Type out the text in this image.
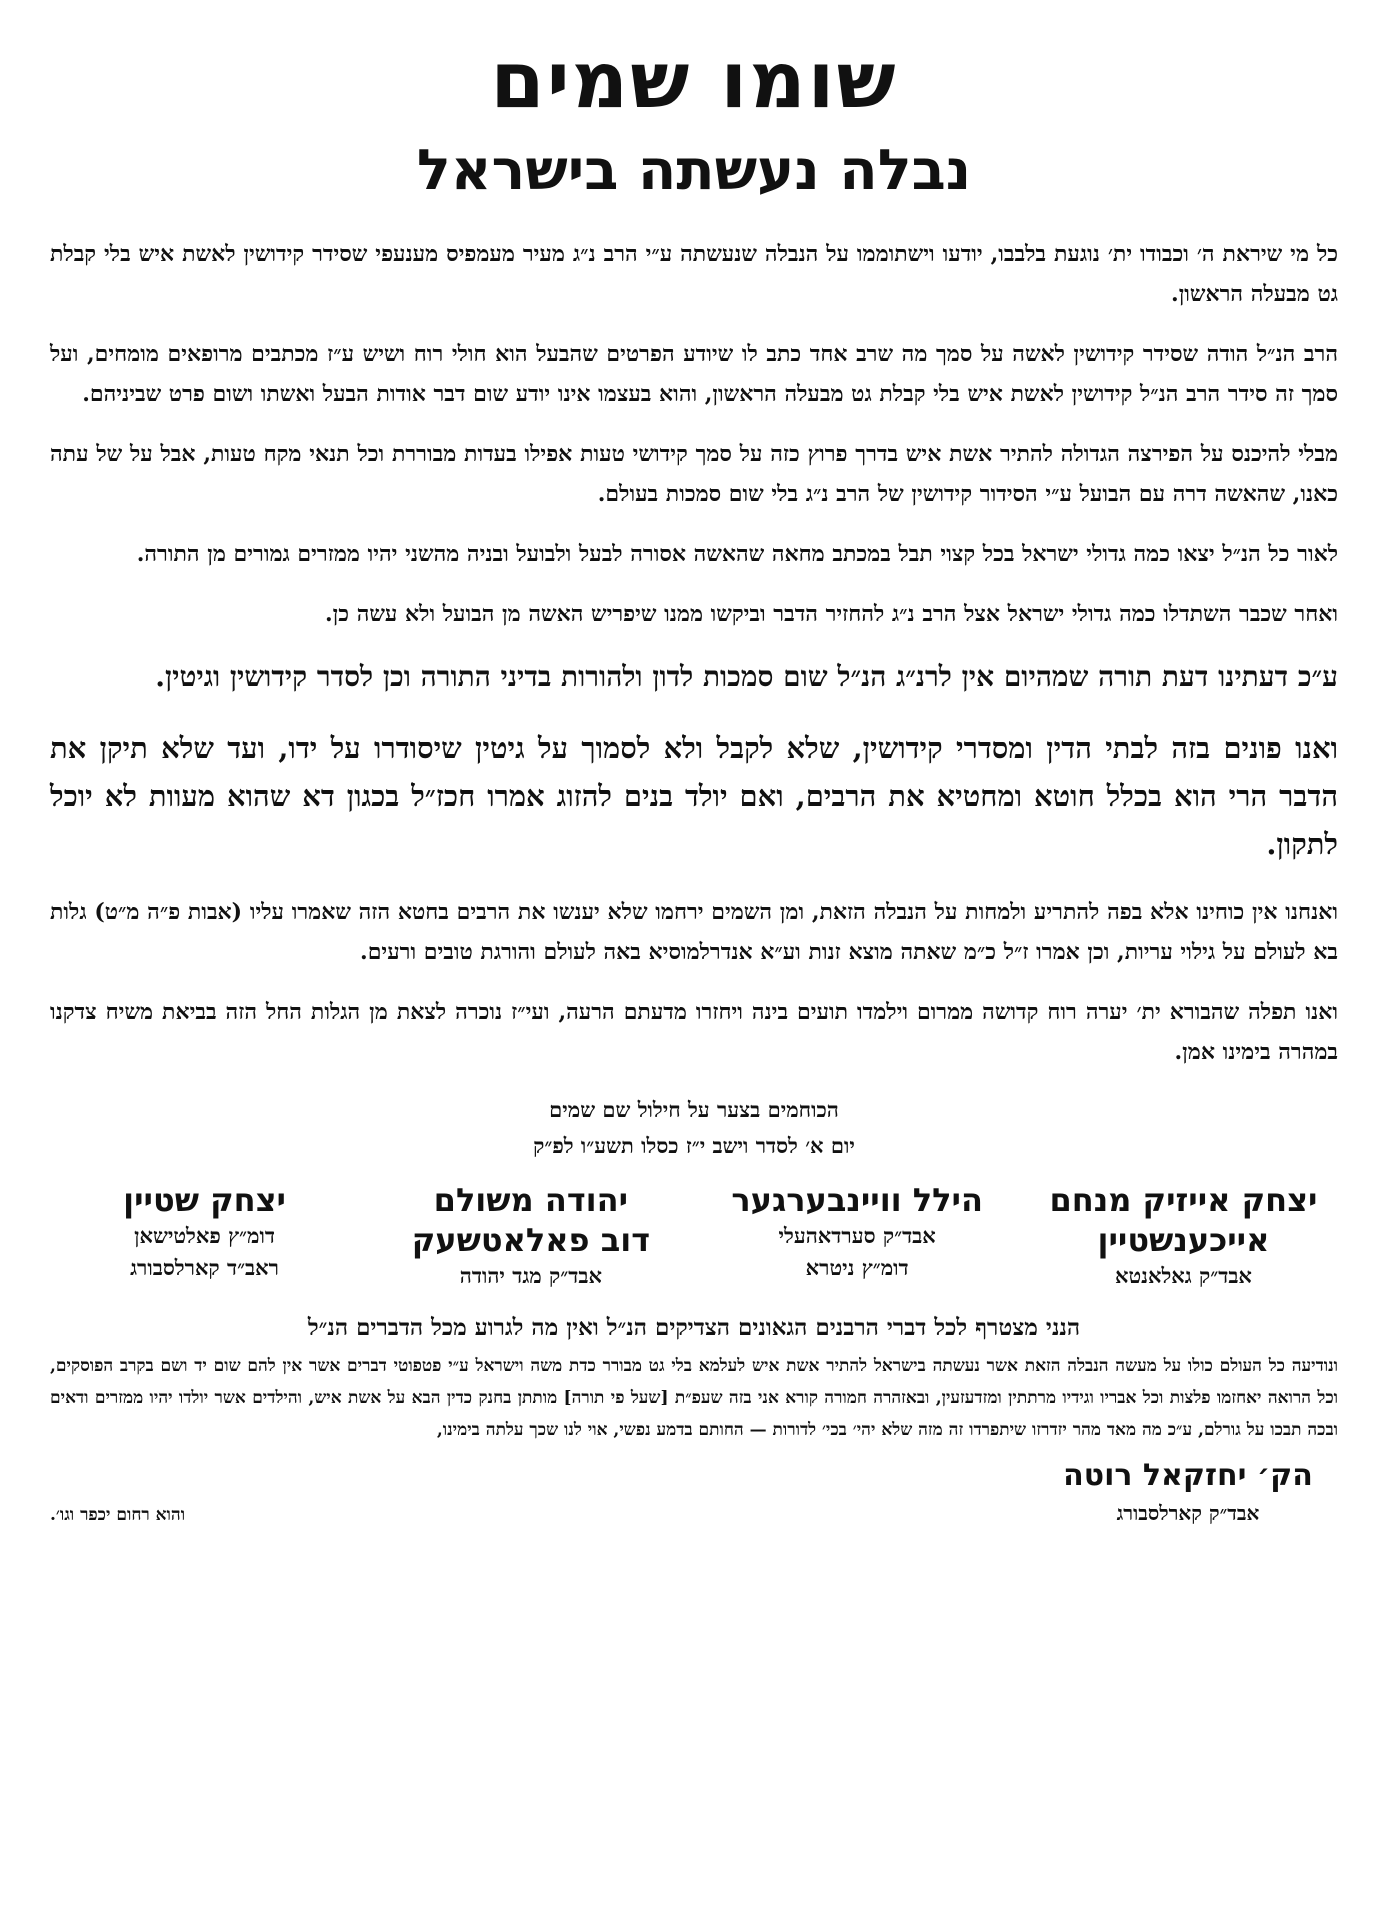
שומו שמים
נבלה נעשתה בישראל

כל מי שיראת ה׳ וכבודו ית׳ נוגעת בלבבו, יודעו וישתוממו על הנבלה שנעשתה ע״י הרב נ״ג מעיר מעמפיס מענעפי שסידר קידושין לאשת איש בלי קבלת גט מבעלה הראשון.

הרב הנ״ל הודה שסידר קידושין לאשה על סמך מה שרב אחד כתב לו שיודע הפרטים שהבעל הוא חולי רוח ושיש ע״ז מכתבים מרופאים מומחים, ועל סמך זה סידר הרב הנ״ל קידושין לאשת איש בלי קבלת גט מבעלה הראשון, והוא בעצמו אינו יודע שום דבר אודות הבעל ואשתו ושום פרט שביניהם.

מבלי להיכנס על הפירצה הגדולה להתיר אשת איש בדרך פרוץ כזה על סמך קידושי טעות אפילו בעדות מבוררת וכל תנאי מקח טעות, אבל על של עתה כאנו, שהאשה דרה עם הבועל ע״י הסידור קידושין של הרב נ״ג בלי שום סמכות בעולם.

לאור כל הנ״ל יצאו כמה גדולי ישראל בכל קצוי תבל במכתב מחאה שהאשה אסורה לבעל ולבועל ובניה מהשני יהיו ממזרים גמורים מן התורה.

ואחר שכבר השתדלו כמה גדולי ישראל אצל הרב נ״ג להחזיר הדבר וביקשו ממנו שיפריש האשה מן הבועל ולא עשה כן.

ע״כ דעתינו דעת תורה שמהיום אין לרנ״ג הנ״ל שום סמכות לדון ולהורות בדיני התורה וכן לסדר קידושין וגיטין.

ואנו פונים בזה לבתי הדין ומסדרי קידושין, שלא לקבל ולא לסמוך על גיטין שיסודרו על ידו, ועד שלא תיקן את הדבר הרי הוא בכלל חוטא ומחטיא את הרבים, ואם יולד בנים להזוג אמרו חכז״ל בכגון דא שהוא מעוות לא יוכל לתקון.

ואנחנו אין כוחינו אלא בפה להתריע ולמחות על הנבלה הזאת, ומן השמים ירחמו שלא יענשו את הרבים בחטא הזה שאמרו עליו (אבות פ״ה מ״ט) גלות בא לעולם על גילוי עריות, וכן אמרו ז״ל כ״מ שאתה מוצא זנות וע״א אנדרלמוסיא באה לעולם והורגת טובים ורעים.

ואנו תפלה שהבורא ית׳ יערה רוח קדושה ממרום וילמדו תועים בינה ויחזרו מדעתם הרעה, ועי״ז נוכרה לצאת מן הגלות החל הזה בביאת משיח צדקנו במהרה בימינו אמן.

הכוחמים בצער על חילול שם שמים

יום א׳ לסדר וישב י״ז כסלו תשע״ו לפ״ק

יצחק אייזיק מנחם
אייכענשטיין
אבד״ק גאלאנטא
הילל וויינבערגער
אבד״ק סערדאהעלי
דומ״ץ ניטרא
יהודה משולם
דוב פאלאטשעק
אבד״ק מגד יהודה
יצחק שטיין
דומ״ץ פאלטישאן
ראב״ד קארלסבורג
הנני מצטרף לכל דברי הרבנים הגאונים הצדיקים הנ״ל ואין מה לגרוע מכל הדברים הנ״ל

ונודיעה כל העולם כולו על מעשה הנבלה הזאת אשר נעשתה בישראל להתיר אשת איש לעלמא בלי גט מבורר כדת משה וישראל ע״י פטפוטי דברים אשר אין להם שום יד ושם בקרב הפוסקים, וכל הרואה יאחזמו פלצות וכל אבריו וגידיו מרתתין ומזדעזעין, ובאזהרה חמורה קורא אני בזה שעפ״ת [שעל פי תורה] מותתן בחנק כדין הבא על אשת איש, והילדים אשר יולדו יהיו ממזרים ודאים ובכה תבכו על גורלם, ע״כ מה מאד מהר יזדרזו שיתפרדו זה מזה שלא יהי׳ בכי׳ לדורות — החותם בדמע נפשי, אוי לנו שכך עלתה בימינו,

הק׳ יחזקאל רוטה
אבד״ק קארלסבורג
והוא רחום יכפר וגו׳.
